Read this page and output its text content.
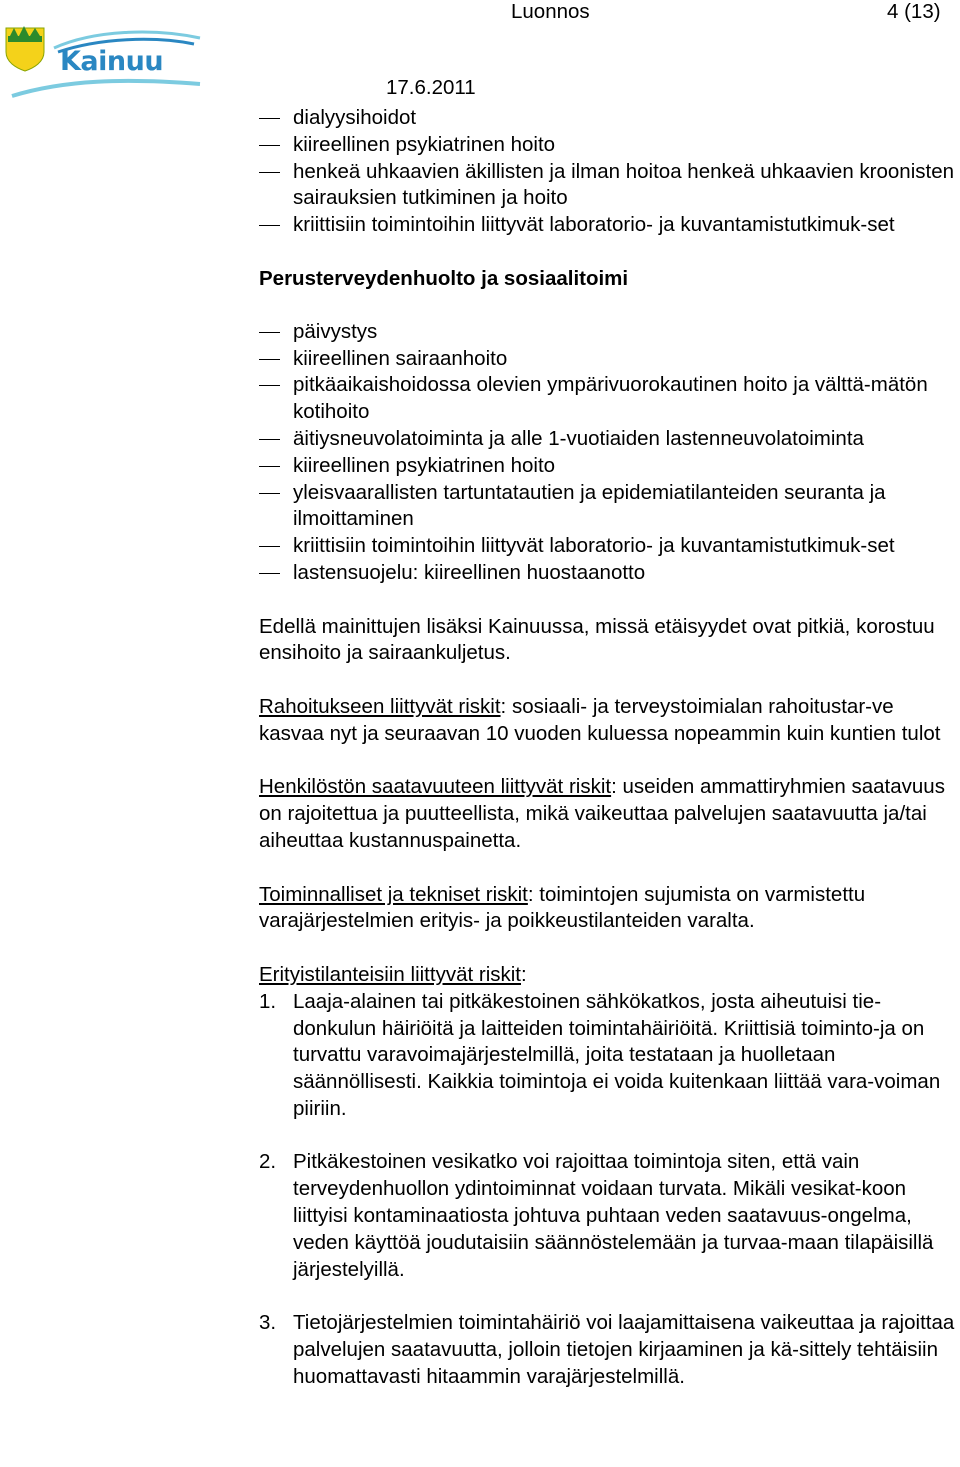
Kainuu
Luonnos	4 (13)
17.6.2011
dialyysihoidot
kiireellinen psykiatrinen hoito
henkeä uhkaavien äkillisten ja ilman hoitoa henkeä uhkaavien kroonisten sairauksien tutkiminen ja hoito
kriittisiin toimintoihin liittyvät laboratorio- ja kuvantamistutkimuk-set
Perusterveydenhuolto ja sosiaalitoimi
päivystys
kiireellinen sairaanhoito
pitkäaikaishoidossa olevien ympärivuorokautinen hoito ja välttä-mätön kotihoito
äitiysneuvolatoiminta ja alle 1-vuotiaiden lastenneuvolatoiminta
kiireellinen psykiatrinen hoito
yleisvaarallisten tartuntatautien ja epidemiatilanteiden seuranta ja ilmoittaminen
kriittisiin toimintoihin liittyvät laboratorio- ja kuvantamistutkimuk-set
lastensuojelu: kiireellinen huostaanotto

Edellä mainittujen lisäksi Kainuussa, missä etäisyydet ovat pitkiä, korostuu ensihoito ja sairaankuljetus.

Rahoitukseen liittyvät riskit: sosiaali- ja terveystoimialan rahoitustar-ve kasvaa nyt ja seuraavan 10 vuoden kuluessa nopeammin kuin kuntien tulot

Henkilöstön saatavuuteen liittyvät riskit: useiden ammattiryhmien saatavuus on rajoitettua ja puutteellista, mikä vaikeuttaa palvelujen saatavuutta ja/tai aiheuttaa kustannuspainetta.

Toiminnalliset ja tekniset riskit: toimintojen sujumista on varmistettu varajärjestelmien erityis- ja poikkeustilanteiden varalta.

Erityistilanteisiin liittyvät riskit:

1. Laaja-alainen tai pitkäkestoinen sähkökatkos, josta aiheutuisi tie-donkulun häiriöitä ja laitteiden toimintahäiriöitä. Kriittisiä toiminto-ja on turvattu varavoimajärjestelmillä, joita testataan ja huolletaan säännöllisesti. Kaikkia toimintoja ei voida kuitenkaan liittää vara-voiman piiriin.
2. Pitkäkestoinen vesikatko voi rajoittaa toimintoja siten, että vain terveydenhuollon ydintoiminnat voidaan turvata. Mikäli vesikat-koon liittyisi kontaminaatiosta johtuva puhtaan veden saatavuus-ongelma, veden käyttöä joudutaisiin säännöstelemään ja turvaa-maan tilapäisillä järjestelyillä.
3. Tietojärjestelmien toimintahäiriö voi laajamittaisena vaikeuttaa ja rajoittaa palvelujen saatavuutta, jolloin tietojen kirjaaminen ja kä-sittely tehtäisiin huomattavasti hitaammin varajärjestelmillä.
